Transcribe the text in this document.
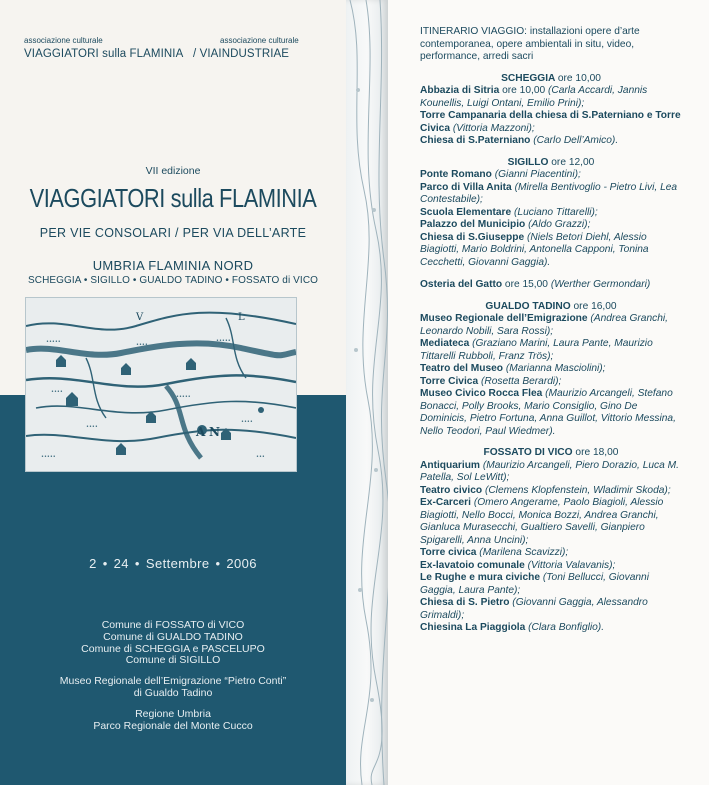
associazione culturale
VIAGGIATORI sulla FLAMINIA
associazione culturale
/ VIAINDUSTRIAE
VII edizione
VIAGGIATORI sulla FLAMINIA
PER VIE CONSOLARI / PER VIA DELL’ARTE
UMBRIA FLAMINIA NORD
SCHEGGIA • SIGILLO • GUALDO TADINO • FOSSATO di VICO
A N
V	L
•••••	••••
•••••
••••
•••••
••••
••••
•••••	•••
2 • 24 • Settembre • 2006
Comune di FOSSATO di VICO
Comune di GUALDO TADINO
Comune di SCHEGGIA e PASCELUPO
Comune di SIGILLO
Museo Regionale dell’Emigrazione “Pietro Conti”
di Gualdo Tadino
Regione Umbria
Parco Regionale del Monte Cucco
ITINERARIO VIAGGIO: installazioni opere d’arte contemporanea, opere ambientali in situ, video, performance, arredi sacri
SCHEGGIA ore 10,00
Abbazia di Sitria ore 10,00 (Carla Accardi, Jannis Kounellis, Luigi Ontani, Emilio Prini);
Torre Campanaria della chiesa di S.Paterniano e Torre Civica (Vittoria Mazzoni);
Chiesa di S.Paterniano (Carlo Dell’Amico).
SIGILLO ore 12,00
Ponte Romano (Gianni Piacentini);
Parco di Villa Anita (Mirella Bentivoglio - Pietro Livi, Lea Contestabile);
Scuola Elementare (Luciano Tittarelli);
Palazzo del Municipio (Aldo Grazzi);
Chiesa di S.Giuseppe (Niels Betori Diehl, Alessio Biagiotti, Mario Boldrini, Antonella Capponi, Tonina Cecchetti, Giovanni Gaggia).
Osteria del Gatto ore 15,00 (Werther Germondari)
GUALDO TADINO ore 16,00
Museo Regionale dell’Emigrazione (Andrea Granchi, Leonardo Nobili, Sara Rossi);
Mediateca (Graziano Marini, Laura Pante, Maurizio Tittarelli Rubboli, Franz Trös);
Teatro del Museo (Marianna Masciolini);
Torre Civica (Rosetta Berardi);
Museo Civico Rocca Flea (Maurizio Arcangeli, Stefano Bonacci, Polly Brooks, Mario Consiglio, Gino De Dominicis, Pietro Fortuna, Anna Guillot, Vittorio Messina, Nello Teodori, Paul Wiedmer).
FOSSATO DI VICO ore 18,00
Antiquarium (Maurizio Arcangeli, Piero Dorazio, Luca M. Patella, Sol LeWitt);
Teatro civico (Clemens Klopfenstein, Wladimir Skoda);
Ex-Carceri (Omero Angerame, Paolo Biagioli, Alessio Biagiotti, Nello Bocci, Monica Bozzi, Andrea Granchi, Gianluca Murasecchi, Gualtiero Savelli, Gianpiero Spigarelli, Anna Uncini);
Torre civica (Marilena Scavizzi);
Ex-lavatoio comunale (Vittoria Valavanis);
Le Rughe e mura civiche (Toni Bellucci, Giovanni Gaggia, Laura Pante);
Chiesa di S. Pietro (Giovanni Gaggia, Alessandro Grimaldi);
Chiesina La Piaggiola (Clara Bonfiglio).
